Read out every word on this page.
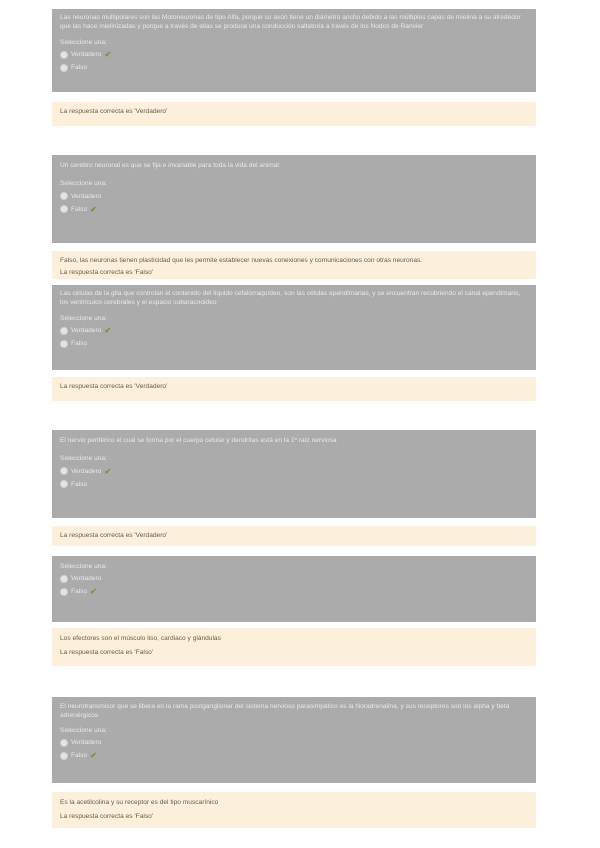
Las neuronas multipolares son las Motoneuronas de tipo Alfa, porque su axón tiene un diámetro ancho debido a las múltiples capas de mielina a su alrededor que las hace mielinizadas y porque a través de ellas se produce una conducción saltatoria a través de los Nodos de Ranvier
Seleccione una:
Verdadero ✔
Falso
La respuesta correcta es 'Verdadero'
Un cerebro neuronal es que se fija e invariable para toda la vida del animal
Seleccione una:
Verdadero
Falso ✔
Falso, las neuronas tienen plasticidad que les permite establecer nuevas conexiones y comunicaciones con otras neuronas.
La respuesta correcta es 'Falso'
Las células de la glía que controlan el contenido del líquido cefalorraquídeo, son las células ependimarias, y se encuentran recubriendo el canal ependimario, los ventrículos cerebrales y el espacio subaracnoideo
Seleccione una:
Verdadero ✔
Falso
La respuesta correcta es 'Verdadero'
El nervio periférico el cual se forma por el cuerpo celular y dendritas está en la 1º raíz nerviosa
Seleccione una:
Verdadero ✔
Falso
La respuesta correcta es 'Verdadero'
Seleccione una:
Verdadero
Falso ✔
Los efectores son el músculo liso, cardiaco y glándulas
La respuesta correcta es 'Falso'
El neurotransmisor que se libera en la rama postganglionar del sistema nervioso parasimpático es la Noradrenalina, y sus receptores son los alpha y beta adrenérgicos
Seleccione una:
Verdadero
Falso ✔
Es la acetilcolina y su receptor es del tipo muscarínico
La respuesta correcta es 'Falso'
